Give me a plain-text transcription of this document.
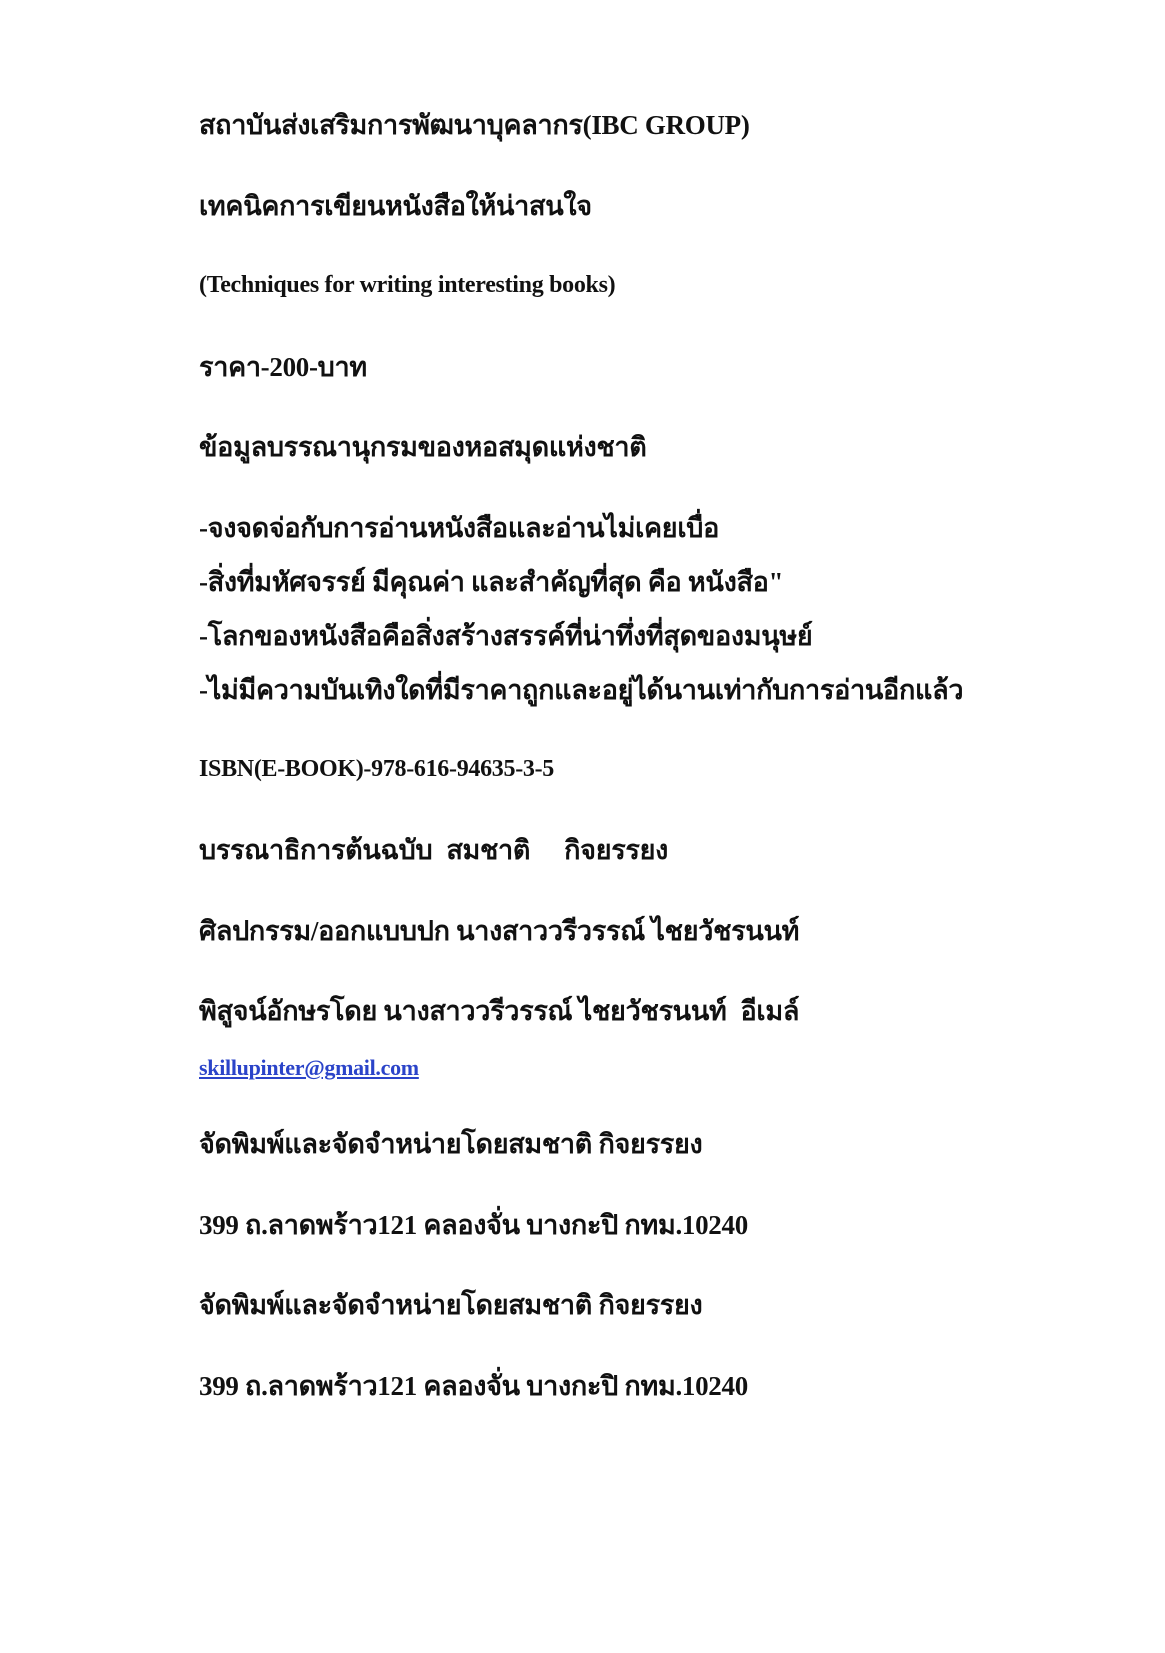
สถาบันส่งเสริมการพัฒนาบุคลากร(IBC GROUP)
เทคนิคการเขียนหนังสือให้น่าสนใจ
(Techniques for writing interesting books)
ราคา-200-บาท
ข้อมูลบรรณานุกรมของหอสมุดแห่งชาติ
-จงจดจ่อกับการอ่านหนังสือและอ่านไม่เคยเบื่อ
-สิ่งที่มหัศจรรย์ มีคุณค่า และสำคัญที่สุด คือ หนังสือ"
-โลกของหนังสือคือสิ่งสร้างสรรค์ที่น่าทึ่งที่สุดของมนุษย์
-ไม่มีความบันเทิงใดที่มีราคาถูกและอยู่ได้นานเท่ากับการอ่านอีกแล้ว
ISBN(E-BOOK)-978-616-94635-3-5
บรรณาธิการต้นฉบับ สมชาติ กิจยรรยง
ศิลปกรรม/ออกแบบปก นางสาววรีวรรณ์ ไชยวัชรนนท์
พิสูจน์อักษรโดย นางสาววรีวรรณ์ ไชยวัชรนนท์ อีเมล์
skillupinter@gmail.com
จัดพิมพ์และจัดจำหน่ายโดยสมชาติ กิจยรรยง
399 ถ.ลาดพร้าว121 คลองจั่น บางกะปิ กทม.10240
จัดพิมพ์และจัดจำหน่ายโดยสมชาติ กิจยรรยง
399 ถ.ลาดพร้าว121 คลองจั่น บางกะปิ กทม.10240
